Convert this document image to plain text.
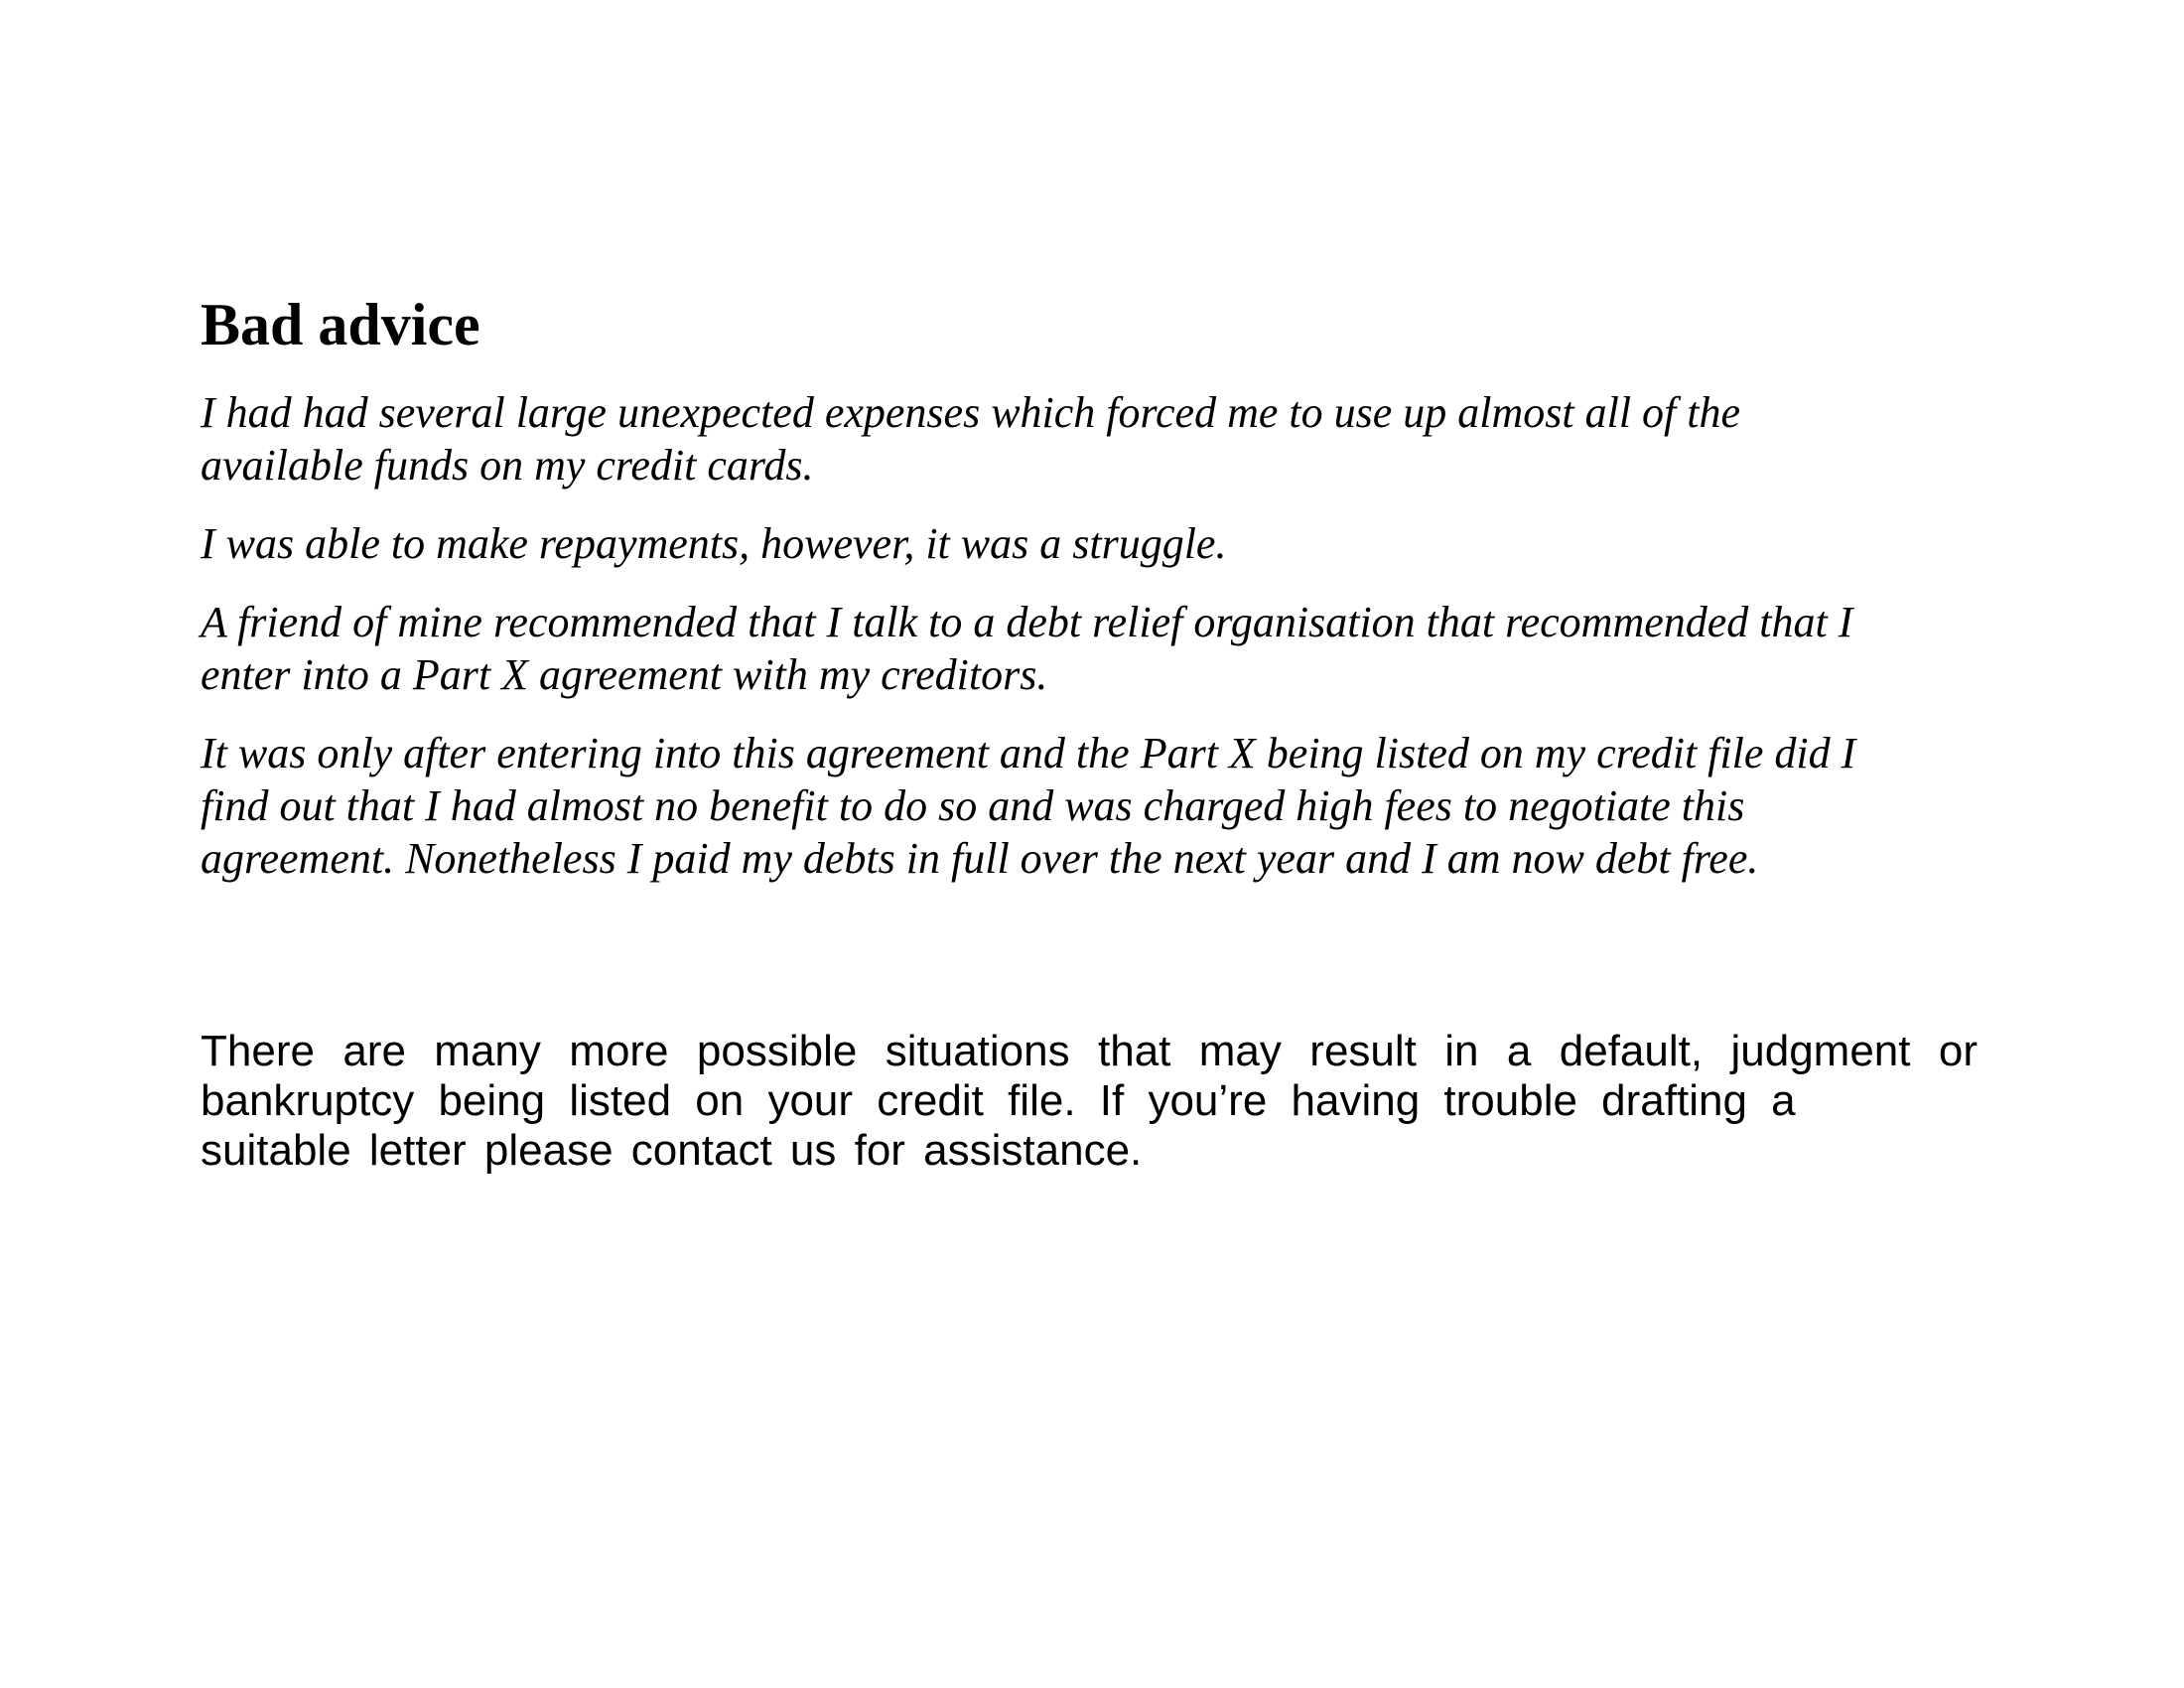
Bad advice

I had had several large unexpected expenses which forced me to use up almost all of the
available funds on my credit cards.

I was able to make repayments, however, it was a struggle.

A friend of mine recommended that I talk to a debt relief organisation that recommended that I
enter into a Part X agreement with my creditors.

It was only after entering into this agreement and the Part X being listed on my credit file did I
find out that I had almost no benefit to do so and was charged high fees to negotiate this
agreement. Nonetheless I paid my debts in full over the next year and I am now debt free.

There are many more possible situations that may result in a default, judgment or
bankruptcy being listed on your credit file. If you’re having trouble drafting a
suitable letter please contact us for assistance.
